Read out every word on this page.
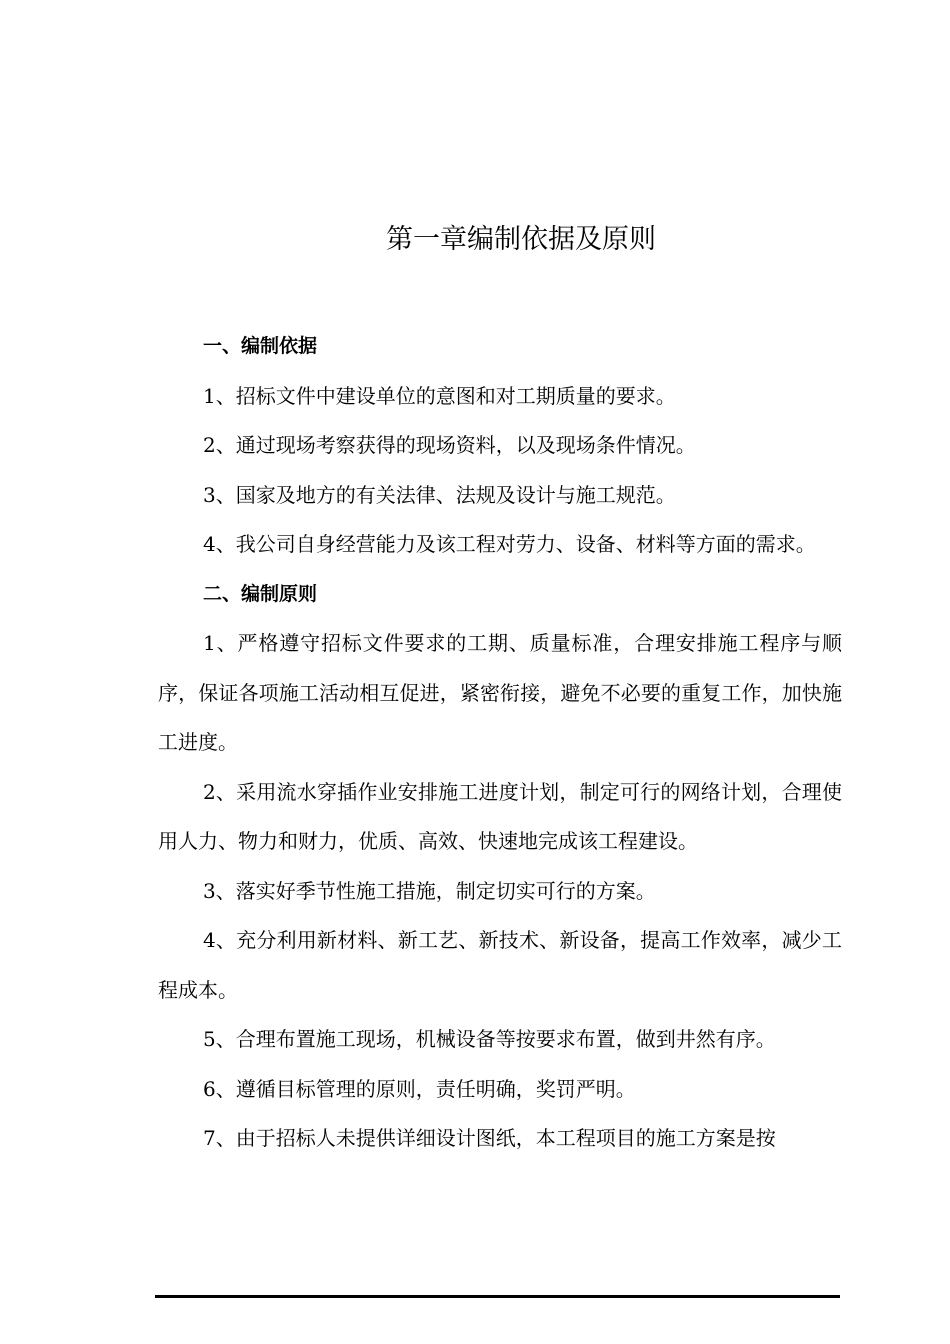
第一章编制依据及原则

一、编制依据

1、招标文件中建设单位的意图和对工期质量的要求。

2、通过现场考察获得的现场资料，以及现场条件情况。

3、国家及地方的有关法律、法规及设计与施工规范。

4、我公司自身经营能力及该工程对劳力、设备、材料等方面的需求。

二、编制原则

1、严格遵守招标文件要求的工期、质量标准，合理安排施工程序与顺序，保证各项施工活动相互促进，紧密衔接，避免不必要的重复工作，加快施工进度。

2、采用流水穿插作业安排施工进度计划，制定可行的网络计划，合理使用人力、物力和财力，优质、高效、快速地完成该工程建设。

3、落实好季节性施工措施，制定切实可行的方案。

4、充分利用新材料、新工艺、新技术、新设备，提高工作效率，减少工程成本。

5、合理布置施工现场，机械设备等按要求布置，做到井然有序。

6、遵循目标管理的原则，责任明确，奖罚严明。

7、由于招标人未提供详细设计图纸，本工程项目的施工方案是按
